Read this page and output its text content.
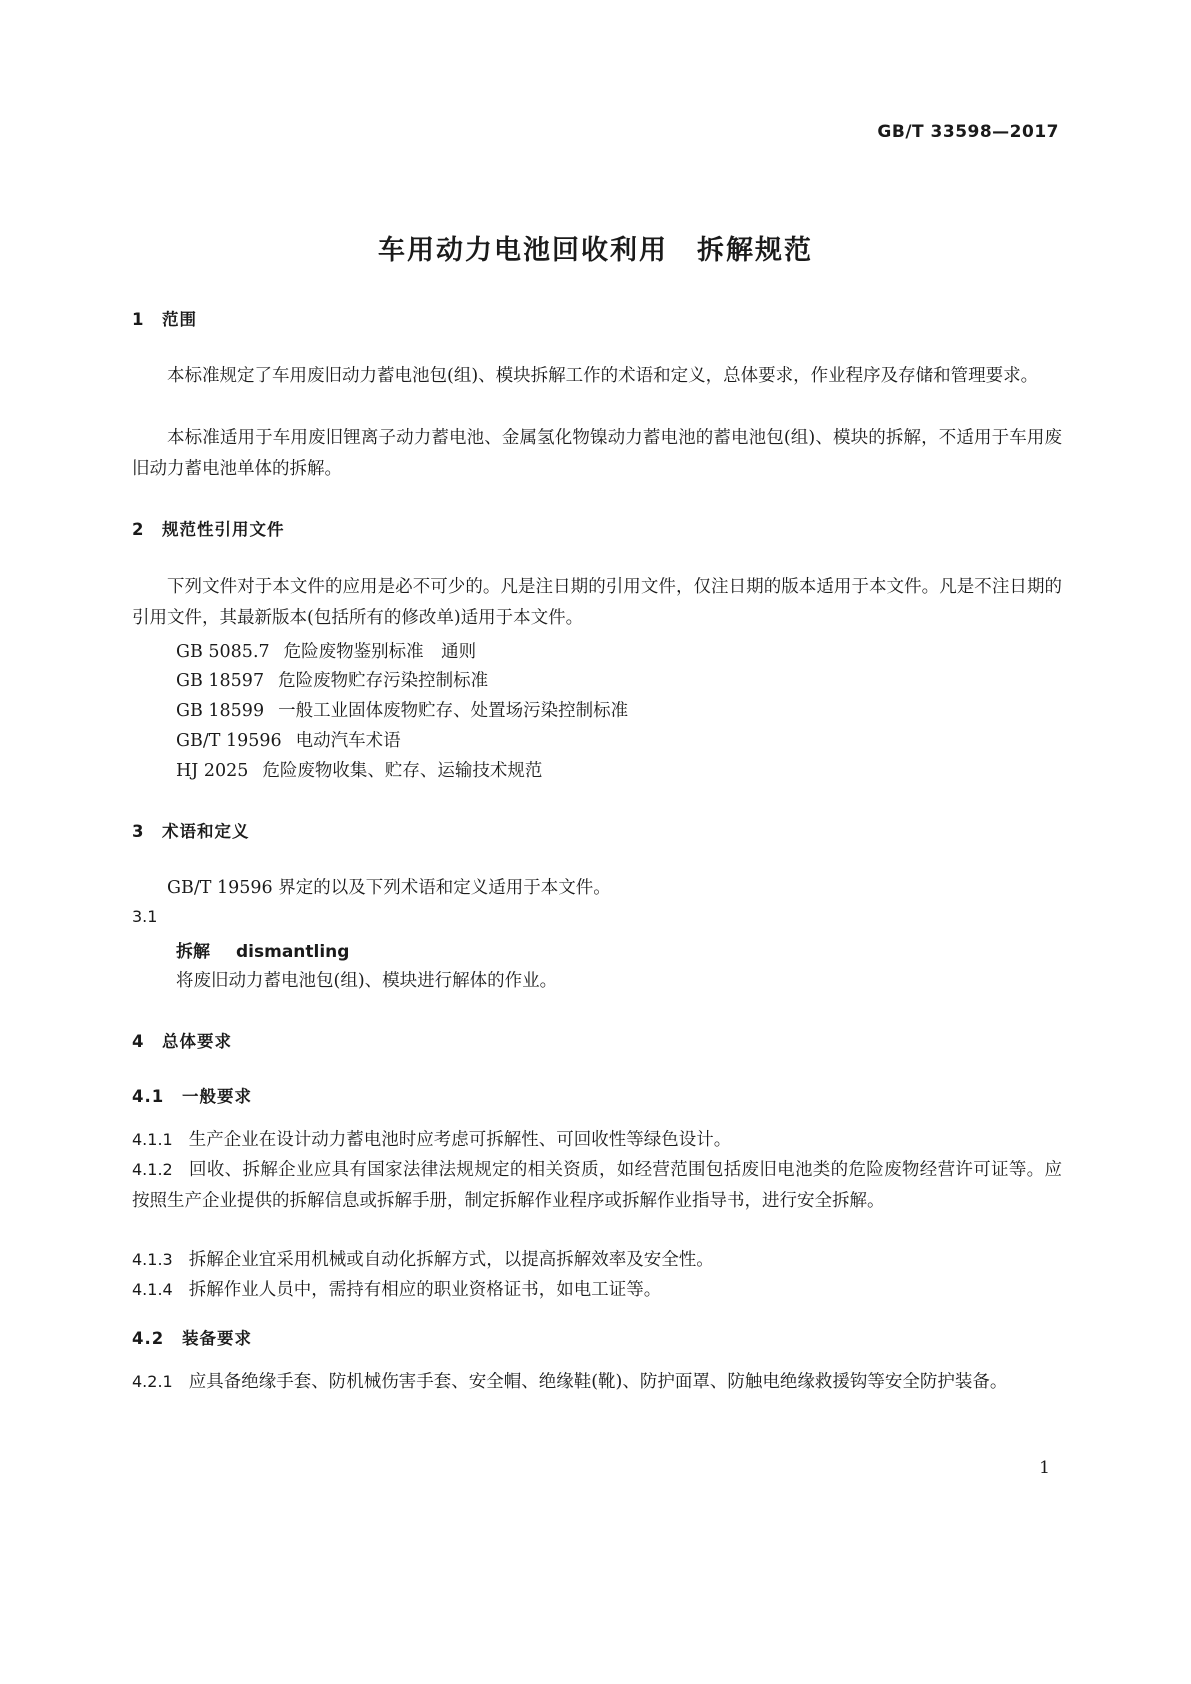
GB/T 33598—2017
车用动力电池回收利用　拆解规范
1 范围

本标准规定了车用废旧动力蓄电池包(组)、模块拆解工作的术语和定义，总体要求，作业程序及存储和管理要求。

本标准适用于车用废旧锂离子动力蓄电池、金属氢化物镍动力蓄电池的蓄电池包(组)、模块的拆解，不适用于车用废旧动力蓄电池单体的拆解。

2 规范性引用文件

下列文件对于本文件的应用是必不可少的。凡是注日期的引用文件，仅注日期的版本适用于本文件。凡是不注日期的引用文件，其最新版本(包括所有的修改单)适用于本文件。

GB 5085.7 危险废物鉴别标准　通则
GB 18597 危险废物贮存污染控制标准
GB 18599 一般工业固体废物贮存、处置场污染控制标准
GB/T 19596 电动汽车术语
HJ 2025 危险废物收集、贮存、运输技术规范
3 术语和定义

GB/T 19596 界定的以及下列术语和定义适用于本文件。

3.1
拆解 dismantling
将废旧动力蓄电池包(组)、模块进行解体的作业。
4 总体要求
4.1 一般要求

4.1.1 生产企业在设计动力蓄电池时应考虑可拆解性、可回收性等绿色设计。

4.1.2 回收、拆解企业应具有国家法律法规规定的相关资质，如经营范围包括废旧电池类的危险废物经营许可证等。应按照生产企业提供的拆解信息或拆解手册，制定拆解作业程序或拆解作业指导书，进行安全拆解。

4.1.3 拆解企业宜采用机械或自动化拆解方式，以提高拆解效率及安全性。

4.1.4 拆解作业人员中，需持有相应的职业资格证书，如电工证等。

4.2 装备要求

4.2.1 应具备绝缘手套、防机械伤害手套、安全帽、绝缘鞋(靴)、防护面罩、防触电绝缘救援钩等安全防护装备。

1
